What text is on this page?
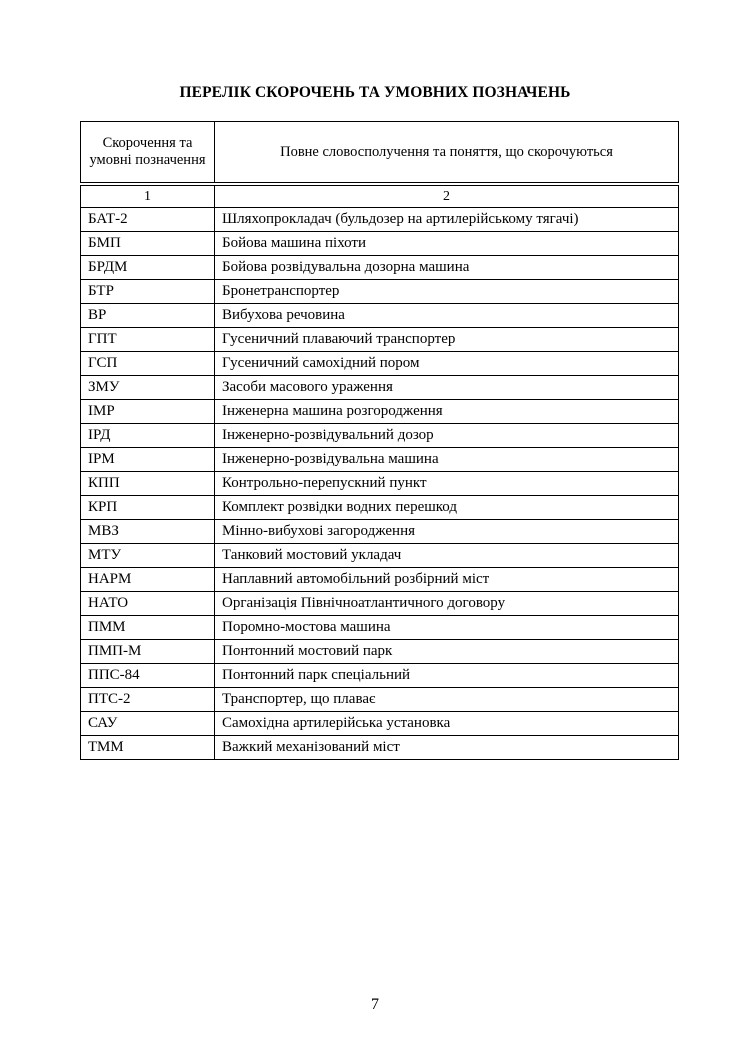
ПЕРЕЛІК СКОРОЧЕНЬ ТА УМОВНИХ ПОЗНАЧЕНЬ
Скорочення та умовні позначення	Повне словосполучення та поняття, що скорочуються

1	2
БАТ-2	Шляхопрокладач (бульдозер на артилерійському тягачі)
БМП	Бойова машина піхоти
БРДМ	Бойова розвідувальна дозорна машина
БТР	Бронетранспортер
ВР	Вибухова речовина
ГПТ	Гусеничний плаваючий транспортер
ГСП	Гусеничний самохідний пором
ЗМУ	Засоби масового ураження
ІМР	Інженерна машина розгородження
ІРД	Інженерно-розвідувальний дозор
ІРМ	Інженерно-розвідувальна машина
КПП	Контрольно-перепускний пункт
КРП	Комплект розвідки водних перешкод
МВЗ	Мінно-вибухові загородження
МТУ	Танковий мостовий укладач
НАРМ	Наплавний автомобільний розбірний міст
НАТО	Організація Північноатлантичного договору
ПММ	Поромно-мостова машина
ПМП-М	Понтонний мостовий парк
ППС-84	Понтонний парк спеціальний
ПТС-2	Транспортер, що плаває
САУ	Самохідна артилерійська установка
ТММ	Важкий механізований міст
7
